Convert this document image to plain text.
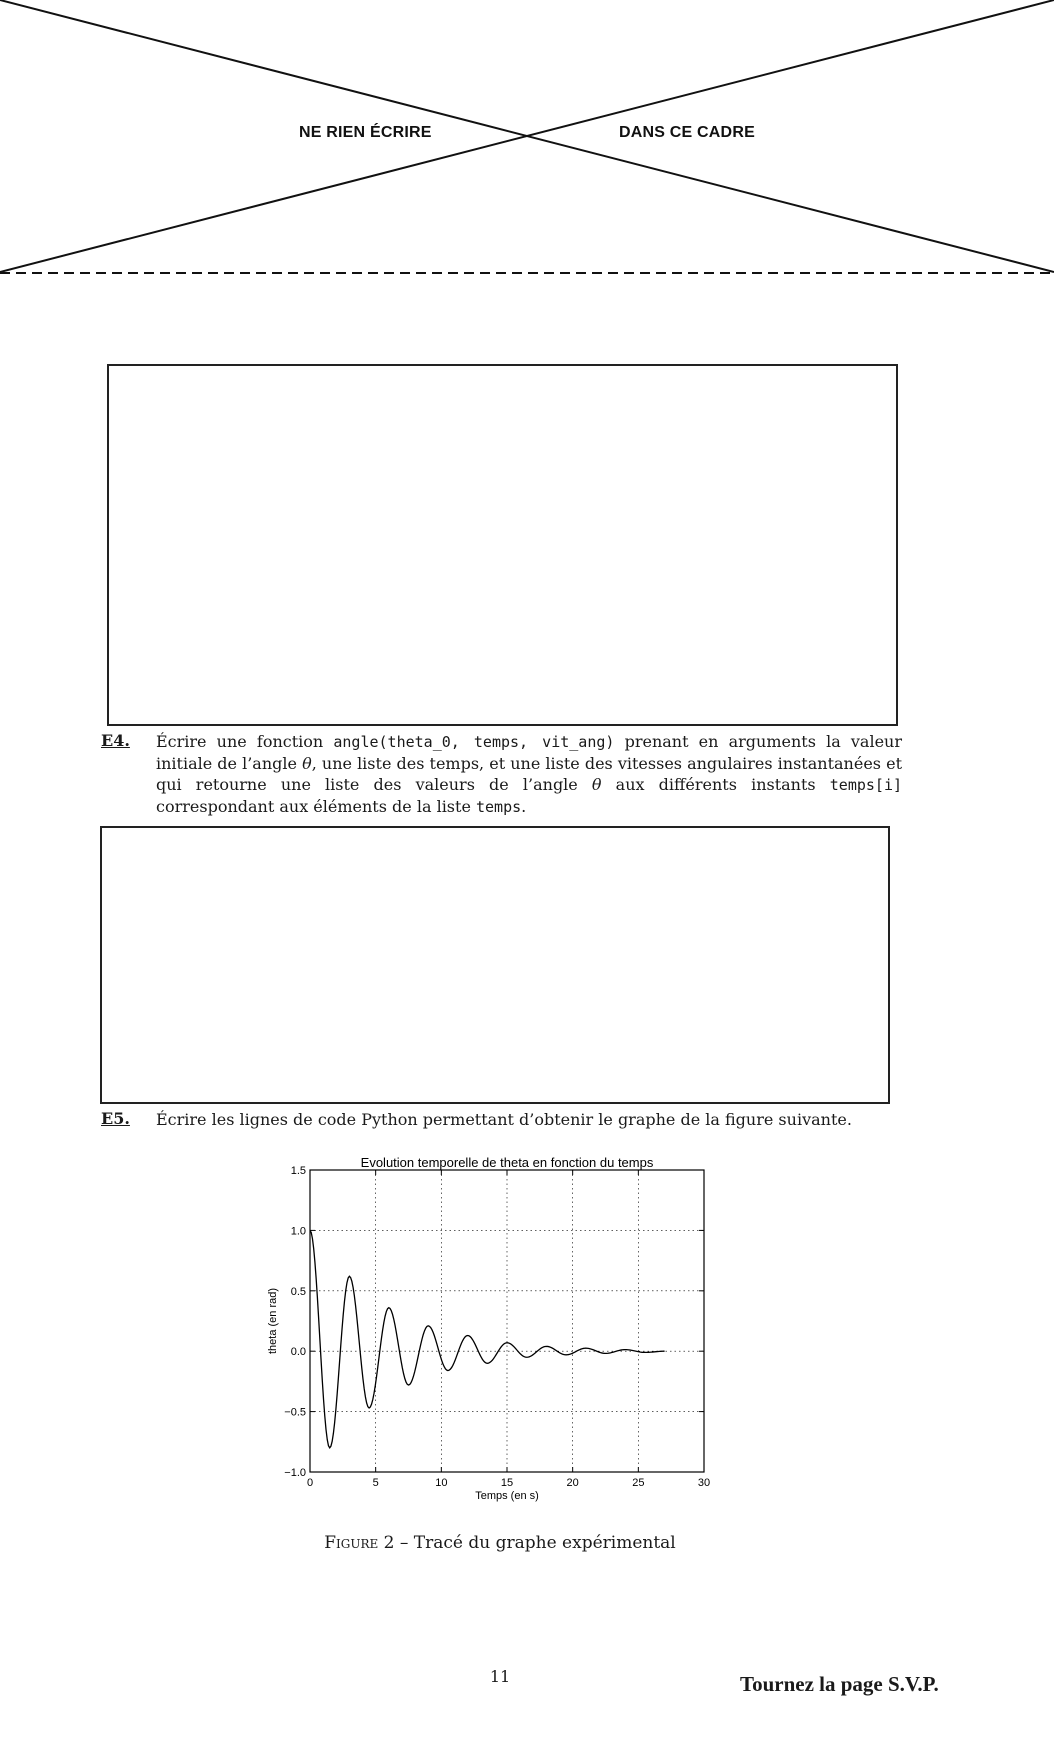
NE RIEN ÉCRIRE	DANS CE CADRE
E4. Écrire une fonction angle(theta_0, temps, vit_ang) prenant en arguments la valeur initiale de l’angle θ, une liste des temps, et une liste des vitesses angulaires instantanées et qui retourne une liste des valeurs de l’angle θ aux différents instants temps[i] correspondant aux éléments de la liste temps.
E5. Écrire les lignes de code Python permettant d’obtenir le graphe de la figure suivante.
0	5	10	15	20	25	30
−1.0
−0.5
0.0
0.5
1.0
1.5
Evolution temporelle de theta en fonction du temps
Temps (en s)
theta (en rad)
Figure 2 – Tracé du graphe expérimental
11	Tournez la page S.V.P.
